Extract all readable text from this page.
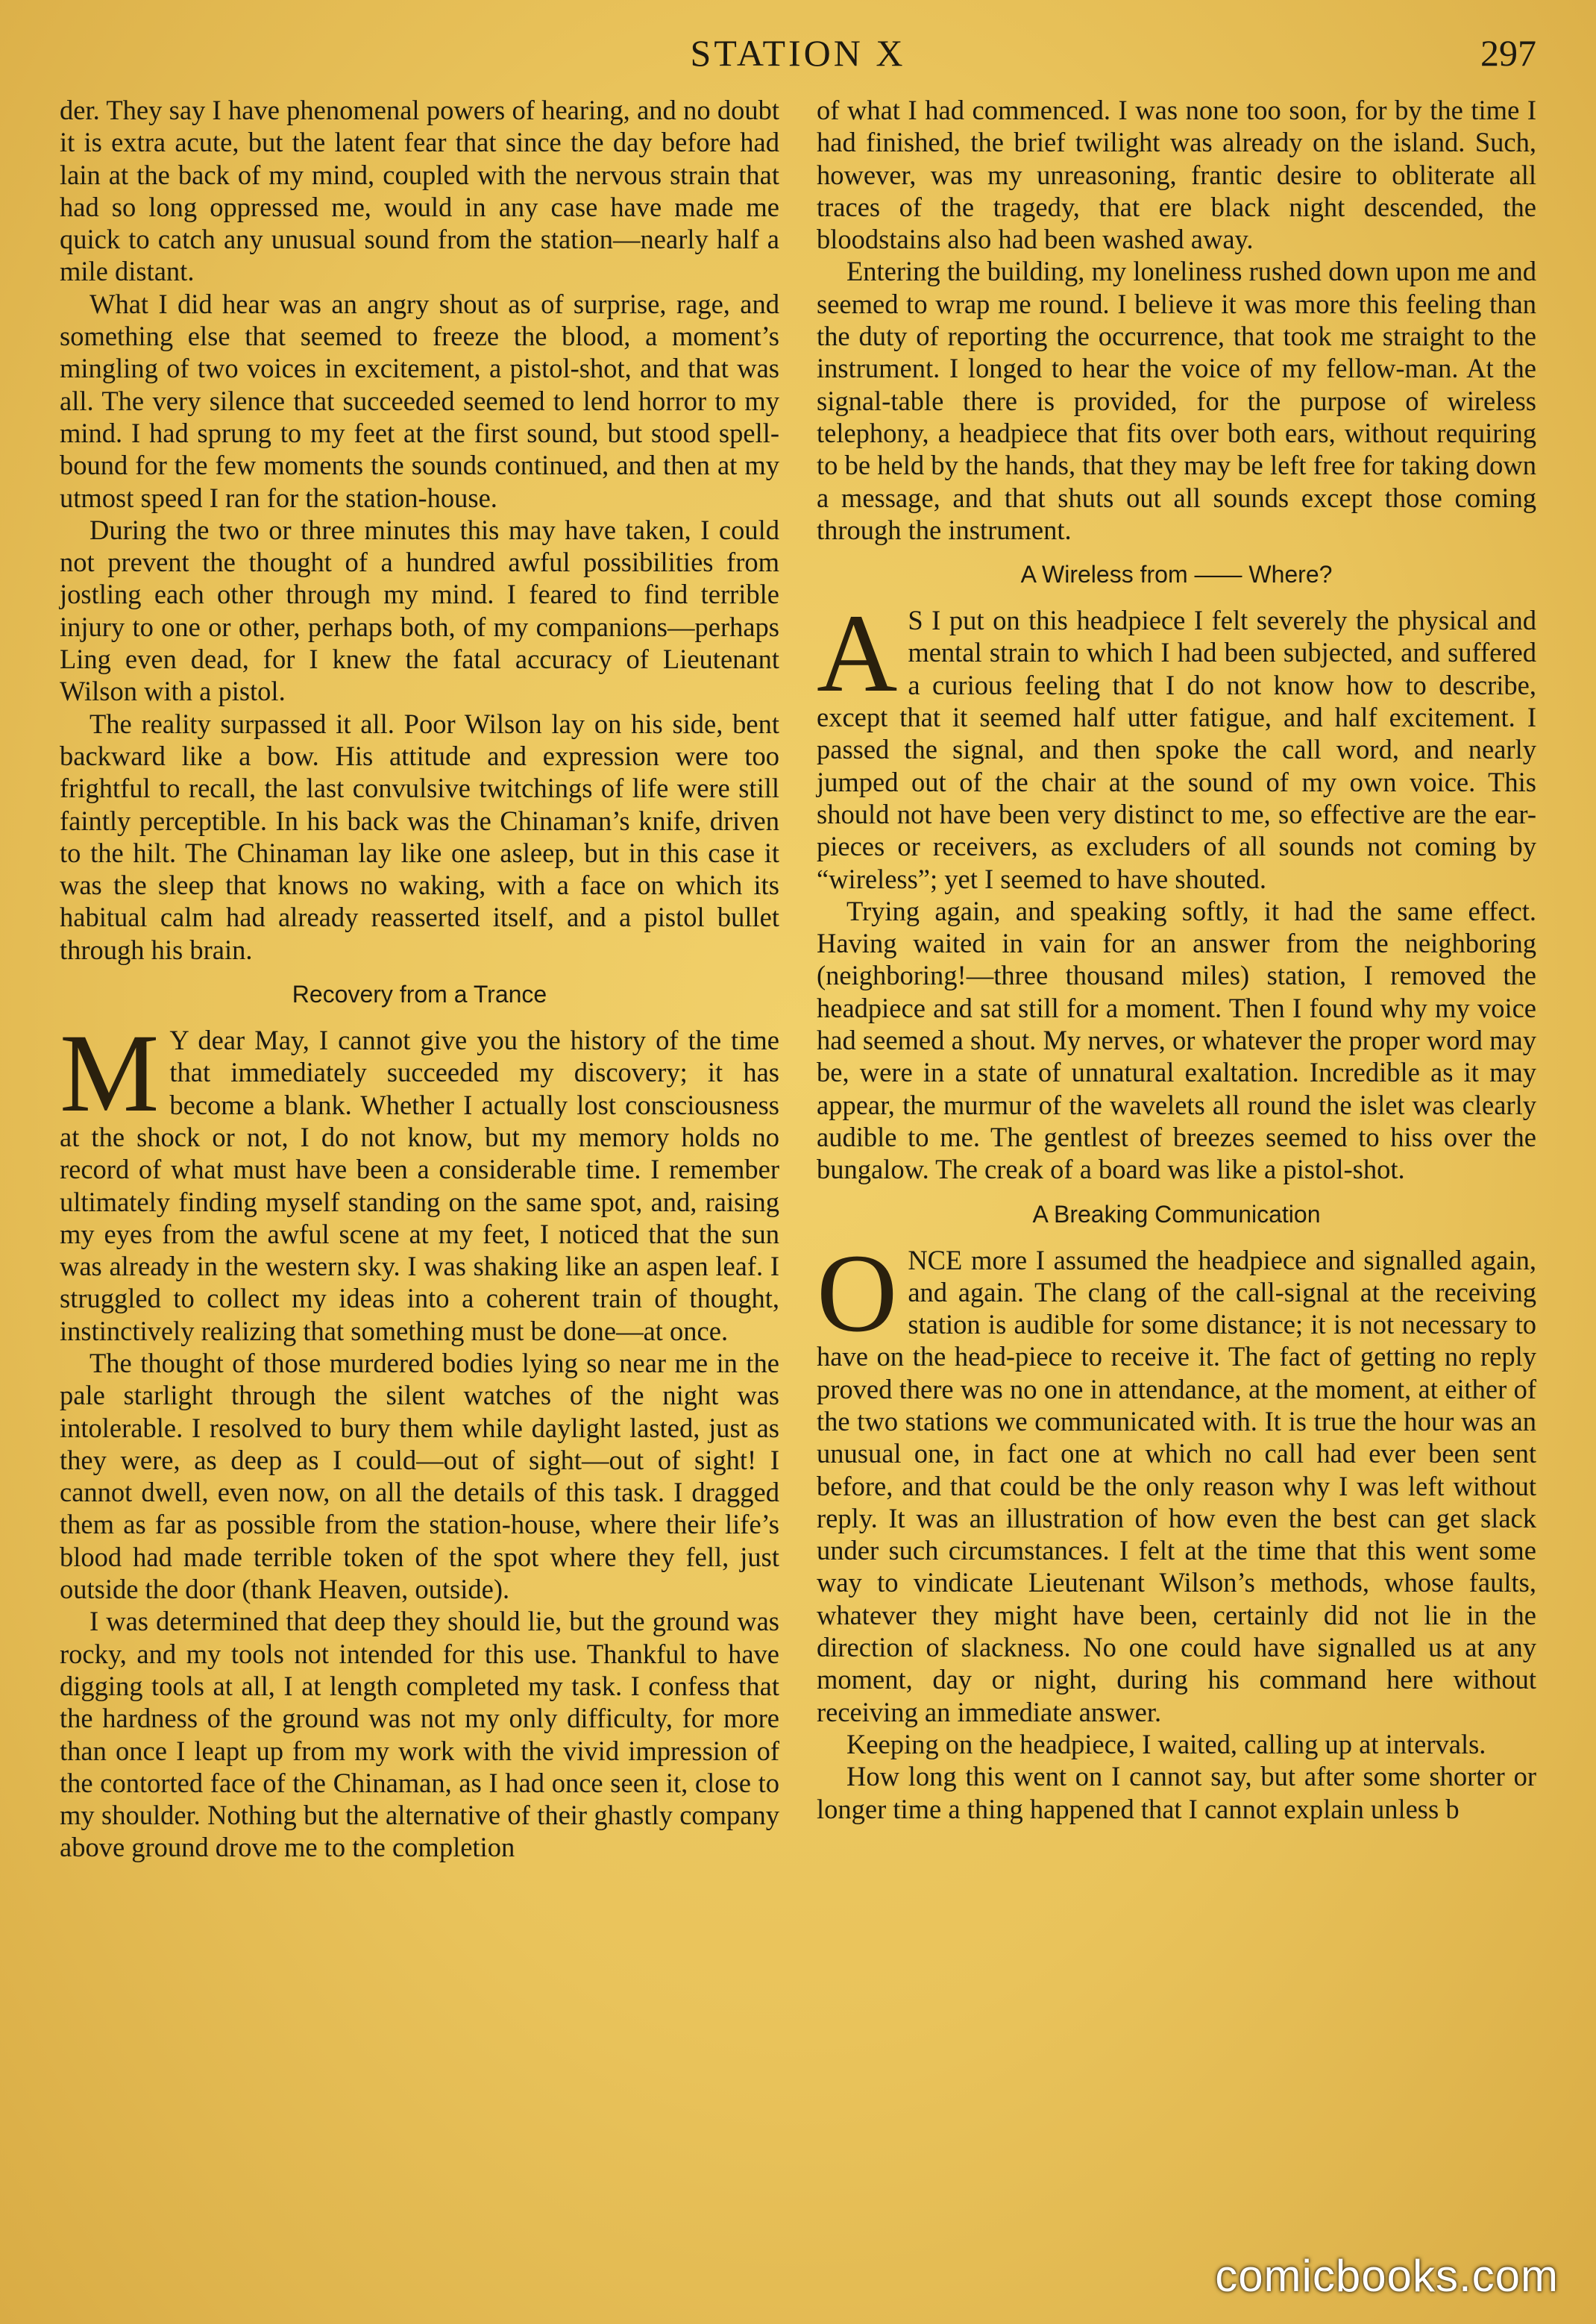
STATION X	297

der. They say I have phenomenal powers of hearing, and no doubt it is extra acute, but the latent fear that since the day before had lain at the back of my mind, coupled with the nervous strain that had so long oppressed me, would in any case have made me quick to catch any unusual sound from the station—nearly half a mile distant.

What I did hear was an angry shout as of surprise, rage, and something else that seemed to freeze the blood, a moment’s mingling of two voices in excitement, a pistol-shot, and that was all. The very silence that succeeded seemed to lend horror to my mind. I had sprung to my feet at the first sound, but stood spell-bound for the few moments the sounds continued, and then at my utmost speed I ran for the station-house.

During the two or three minutes this may have taken, I could not prevent the thought of a hundred awful possibilities from jostling each other through my mind. I feared to find terrible injury to one or other, perhaps both, of my companions—perhaps Ling even dead, for I knew the fatal accuracy of Lieutenant Wilson with a pistol.

The reality surpassed it all. Poor Wilson lay on his side, bent backward like a bow. His attitude and expression were too frightful to recall, the last convulsive twitchings of life were still faintly perceptible. In his back was the Chinaman’s knife, driven to the hilt. The Chinaman lay like one asleep, but in this case it was the sleep that knows no waking, with a face on which its habitual calm had already reasserted itself, and a pistol bullet through his brain.

Recovery from a Trance

M Y dear May, I cannot give you the history of the time that immediately succeeded my discovery; it has become a blank. Whether I actually lost consciousness at the shock or not, I do not know, but my memory holds no record of what must have been a considerable time. I remember ultimately finding myself standing on the same spot, and, raising my eyes from the awful scene at my feet, I noticed that the sun was already in the western sky. I was shaking like an aspen leaf. I struggled to collect my ideas into a coherent train of thought, instinctively realizing that something must be done—at once.

The thought of those murdered bodies lying so near me in the pale starlight through the silent watches of the night was intolerable. I resolved to bury them while daylight lasted, just as they were, as deep as I could—out of sight—out of sight! I cannot dwell, even now, on all the details of this task. I dragged them as far as possible from the station-house, where their life’s blood had made terrible token of the spot where they fell, just outside the door (thank Heaven, outside).

I was determined that deep they should lie, but the ground was rocky, and my tools not intended for this use. Thankful to have digging tools at all, I at length completed my task. I confess that the hardness of the ground was not my only difficulty, for more than once I leapt up from my work with the vivid impression of the contorted face of the Chinaman, as I had once seen it, close to my shoulder. Nothing but the alternative of their ghastly company above ground drove me to the completion

of what I had commenced. I was none too soon, for by the time I had finished, the brief twilight was already on the island. Such, however, was my unreasoning, frantic desire to obliterate all traces of the tragedy, that ere black night descended, the bloodstains also had been washed away.

Entering the building, my loneliness rushed down upon me and seemed to wrap me round. I believe it was more this feeling than the duty of reporting the occurrence, that took me straight to the instrument. I longed to hear the voice of my fellow-man. At the signal-table there is provided, for the purpose of wireless telephony, a headpiece that fits over both ears, without requiring to be held by the hands, that they may be left free for taking down a message, and that shuts out all sounds except those coming through the instrument.

A Wireless from —— Where?

A S I put on this headpiece I felt severely the physical and mental strain to which I had been subjected, and suffered a curious feeling that I do not know how to describe, except that it seemed half utter fatigue, and half excitement. I passed the signal, and then spoke the call word, and nearly jumped out of the chair at the sound of my own voice. This should not have been very distinct to me, so effective are the ear-pieces or receivers, as excluders of all sounds not coming by “wireless”; yet I seemed to have shouted.

Trying again, and speaking softly, it had the same effect. Having waited in vain for an answer from the neighboring (neighboring!—three thousand miles) station, I removed the headpiece and sat still for a moment. Then I found why my voice had seemed a shout. My nerves, or whatever the proper word may be, were in a state of unnatural exaltation. Incredible as it may appear, the murmur of the wavelets all round the islet was clearly audible to me. The gentlest of breezes seemed to hiss over the bungalow. The creak of a board was like a pistol-shot.

A Breaking Communication

ONCE more I assumed the headpiece and signalled again, and again. The clang of the call-signal at the receiving station is audible for some distance; it is not necessary to have on the head-piece to receive it. The fact of getting no reply proved there was no one in attendance, at the moment, at either of the two stations we communicated with. It is true the hour was an unusual one, in fact one at which no call had ever been sent before, and that could be the only reason why I was left without reply. It was an illustration of how even the best can get slack under such circumstances. I felt at the time that this went some way to vindicate Lieutenant Wilson’s methods, whose faults, whatever they might have been, certainly did not lie in the direction of slackness. No one could have signalled us at any moment, day or night, during his command here without receiving an immediate answer.

Keeping on the headpiece, I waited, calling up at intervals.

How long this went on I cannot say, but after some shorter or longer time a thing happened that I cannot explain unless b

comicbooks.com
